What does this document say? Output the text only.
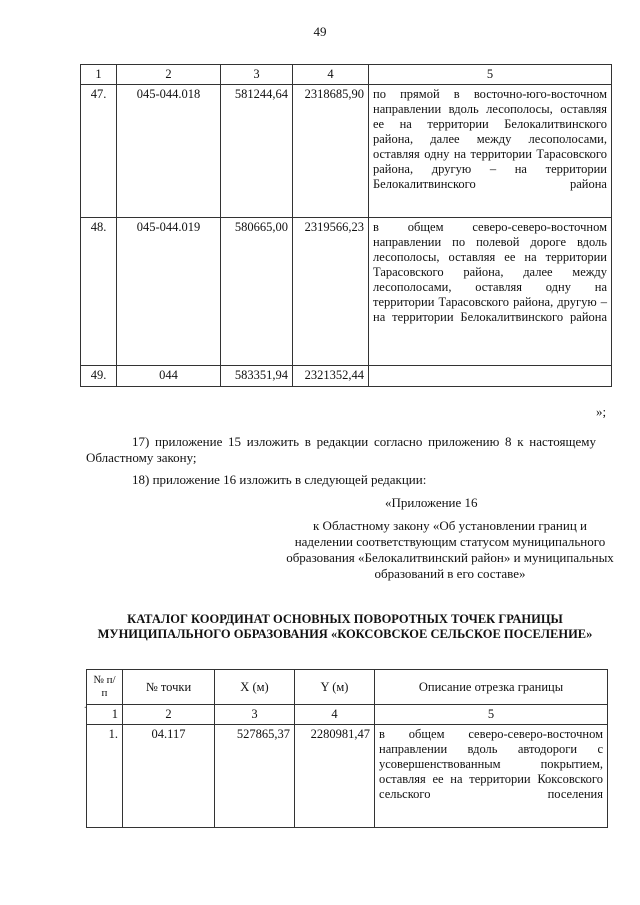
49
1	2	3	4	5
47.	045-044.018	581244,64	2318685,90	по прямой в восточно-юго-восточном направлении вдоль лесополосы, оставляя ее на территории Белокалитвинского района, далее между лесополосами, оставляя одну на территории Тарасовского района, другую – на территории Белокалитвинского района
48.	045-044.019	580665,00	2319566,23	в общем северо-северо-восточном направлении по полевой дороге вдоль лесополосы, оставляя ее на территории Тарасовского района, далее между лесополосами, оставляя одну на территории Тарасовского района, другую – на территории Белокалитвинского района
49.	044	583351,94	2321352,44	
»;
17) приложение 15 изложить в редакции согласно приложению 8 к настоящему Областному закону;
18) приложение 16 изложить в следующей редакции:
«Приложение 16
к Областному закону «Об установлении границ и наделении соответствующим статусом муниципального образования «Белокалитвинский район» и муниципальных образований в его составе»
КАТАЛОГ КООРДИНАТ ОСНОВНЫХ ПОВОРОТНЫХ ТОЧЕК ГРАНИЦЫ МУНИЦИПАЛЬНОГО ОБРАЗОВАНИЯ «КОКСОВСКОЕ СЕЛЬСКОЕ ПОСЕЛЕНИЕ»
.
№ п/п	№ точки	X (м)	Y (м)	Описание отрезка границы
1	2	3	4	5
1.	04.117	527865,37	2280981,47	в общем северо-северо-восточном направлении вдоль автодороги с усовершенствованным покрытием, оставляя ее на территории Коксовского сельского поселения
